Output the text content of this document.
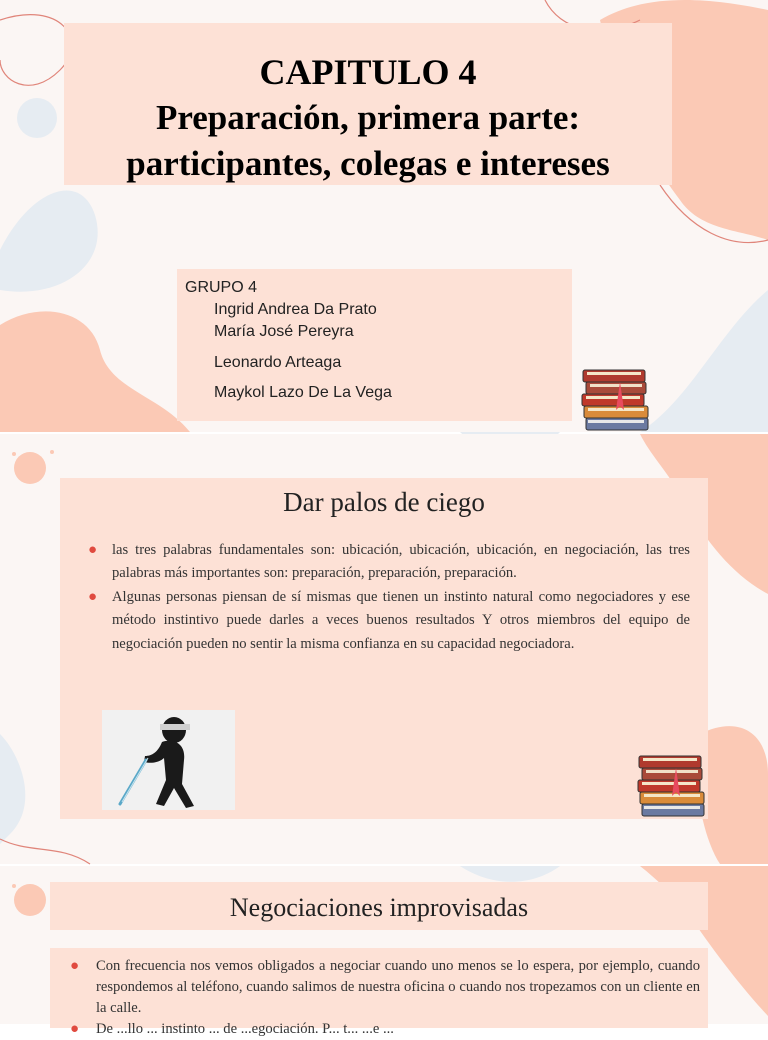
CAPITULO 4
Preparación, primera parte:
participantes, colegas e intereses
GRUPO 4
Ingrid Andrea Da Prato
María José Pereyra
Leonardo Arteaga
Maykol Lazo De La Vega
Dar palos de ciego
● las tres palabras fundamentales son: ubicación, ubicación, ubicación, en negociación, las tres palabras más importantes son: preparación, preparación, preparación.
● Algunas personas piensan de sí mismas que tienen un instinto natural como negociadores y ese método instintivo puede darles a veces buenos resultados Y otros miembros del equipo de negociación pueden no sentir la misma confianza en su capacidad negociadora.
Negociaciones improvisadas
● Con frecuencia nos vemos obligados a negociar cuando uno menos se lo espera, por ejemplo, cuando respondemos al teléfono, cuando salimos de nuestra oficina o cuando nos tropezamos con un cliente en la calle.
● De ...llo ... instinto ... de ...egociación. P... t... ...e ...
